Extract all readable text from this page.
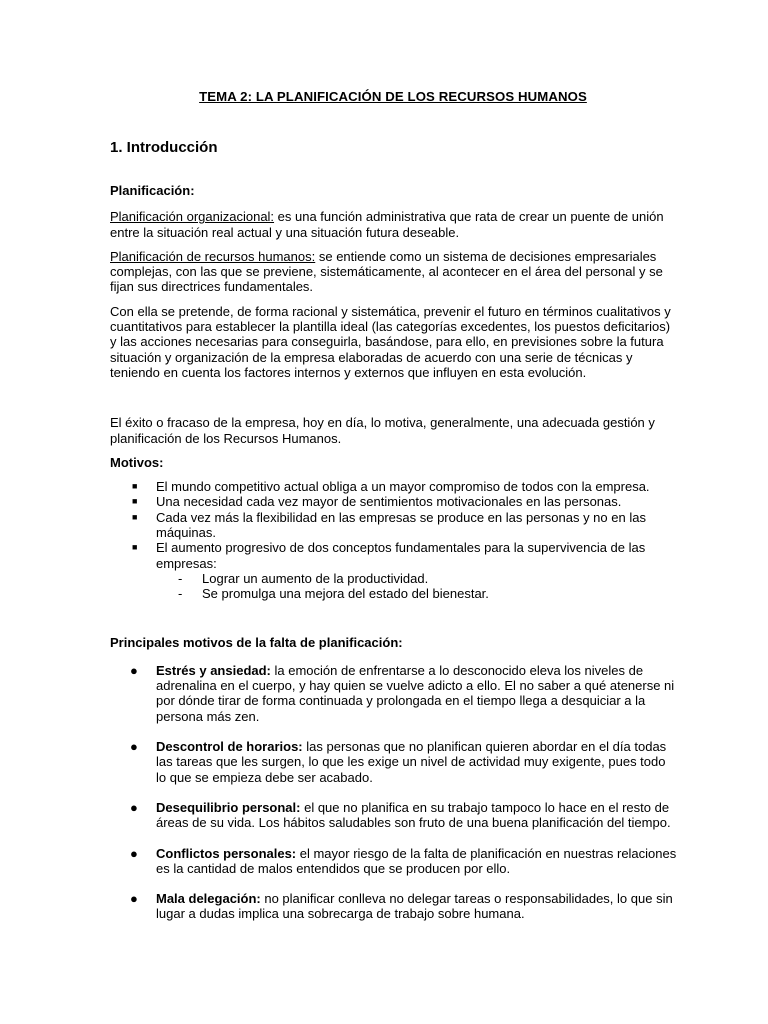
TEMA 2: LA PLANIFICACIÓN DE LOS RECURSOS HUMANOS
1. Introducción

Planificación:

Planificación organizacional: es una función administrativa que rata de crear un puente de unión entre la situación real actual y una situación futura deseable.

Planificación de recursos humanos: se entiende como un sistema de decisiones empresariales complejas, con las que se previene, sistemáticamente, al acontecer en el área del personal y se fijan sus directrices fundamentales.

Con ella se pretende, de forma racional y sistemática, prevenir el futuro en términos cualitativos y cuantitativos para establecer la plantilla ideal (las categorías excedentes, los puestos deficitarios) y las acciones necesarias para conseguirla, basándose, para ello, en previsiones sobre la futura situación y organización de la empresa elaboradas de acuerdo con una serie de técnicas y teniendo en cuenta los factores internos y externos que influyen en esta evolución.

El éxito o fracaso de la empresa, hoy en día, lo motiva, generalmente, una adecuada gestión y planificación de los Recursos Humanos.

Motivos:

■ El mundo competitivo actual obliga a un mayor compromiso de todos con la empresa.
■ Una necesidad cada vez mayor de sentimientos motivacionales en las personas.
■ Cada vez más la flexibilidad en las empresas se produce en las personas y no en las máquinas.
■ El aumento progresivo de dos conceptos fundamentales para la supervivencia de las empresas:
- Lograr un aumento de la productividad.
- Se promulga una mejora del estado del bienestar.

Principales motivos de la falta de planificación:

● Estrés y ansiedad: la emoción de enfrentarse a lo desconocido eleva los niveles de adrenalina en el cuerpo, y hay quien se vuelve adicto a ello. El no saber a qué atenerse ni por dónde tirar de forma continuada y prolongada en el tiempo llega a desquiciar a la persona más zen.
● Descontrol de horarios: las personas que no planifican quieren abordar en el día todas las tareas que les surgen, lo que les exige un nivel de actividad muy exigente, pues todo lo que se empieza debe ser acabado.
● Desequilibrio personal: el que no planifica en su trabajo tampoco lo hace en el resto de áreas de su vida. Los hábitos saludables son fruto de una buena planificación del tiempo.
● Conflictos personales: el mayor riesgo de la falta de planificación en nuestras relaciones es la cantidad de malos entendidos que se producen por ello.
● Mala delegación: no planificar conlleva no delegar tareas o responsabilidades, lo que sin lugar a dudas implica una sobrecarga de trabajo sobre humana.
